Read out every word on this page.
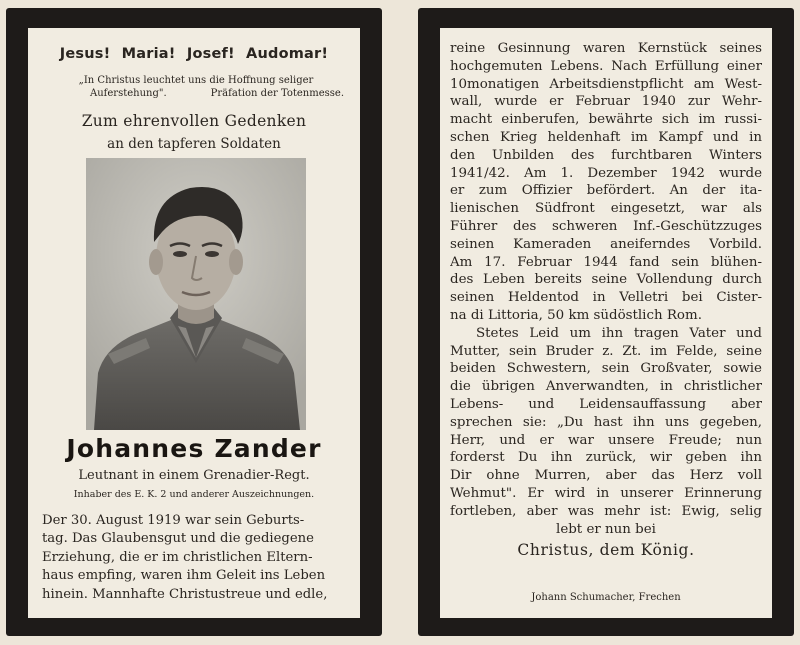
Jesus! Maria! Josef! Audomar!
„In Christus leuchtet uns die Hoffnung seliger
Auferstehung".	Präfation der Totenmesse.
Zum ehrenvollen Gedenken
an den tapferen Soldaten
Johannes Zander
Leutnant in einem Grenadier-Regt.
Inhaber des E. K. 2 und anderer Auszeichnungen.
Der 30. August 1919 war sein Geburts-
tag. Das Glaubensgut und die gediegene
Erziehung, die er im christlichen Eltern-
haus empfing, waren ihm Geleit ins Leben
hinein. Mannhafte Christustreue und edle,
reine Gesinnung waren Kernstück seines
hochgemuten Lebens. Nach Erfüllung einer
10monatigen Arbeitsdienstpflicht am West-
wall, wurde er Februar 1940 zur Wehr-
macht einberufen, bewährte sich im russi-
schen Krieg heldenhaft im Kampf und in
den Unbilden des furchtbaren Winters
1941/42. Am 1. Dezember 1942 wurde
er zum Offizier befördert. An der ita-
lienischen Südfront eingesetzt, war als
Führer des schweren Inf.-Geschützzuges
seinen Kameraden aneiferndes Vorbild.
Am 17. Februar 1944 fand sein blühen-
des Leben bereits seine Vollendung durch
seinen Heldentod in Velletri bei Cister-
na di Littoria, 50 km südöstlich Rom.
Stetes Leid um ihn tragen Vater und
Mutter, sein Bruder z. Zt. im Felde, seine
beiden Schwestern, sein Großvater, sowie
die übrigen Anverwandten, in christlicher
Lebens- und Leidensauffassung aber
sprechen sie: „Du hast ihn uns gegeben,
Herr, und er war unsere Freude; nun
forderst Du ihn zurück, wir geben ihn
Dir ohne Murren, aber das Herz voll
Wehmut". Er wird in unserer Erinnerung
fortleben, aber was mehr ist: Ewig, selig
lebt er nun bei
Christus, dem König.
Johann Schumacher, Frechen
